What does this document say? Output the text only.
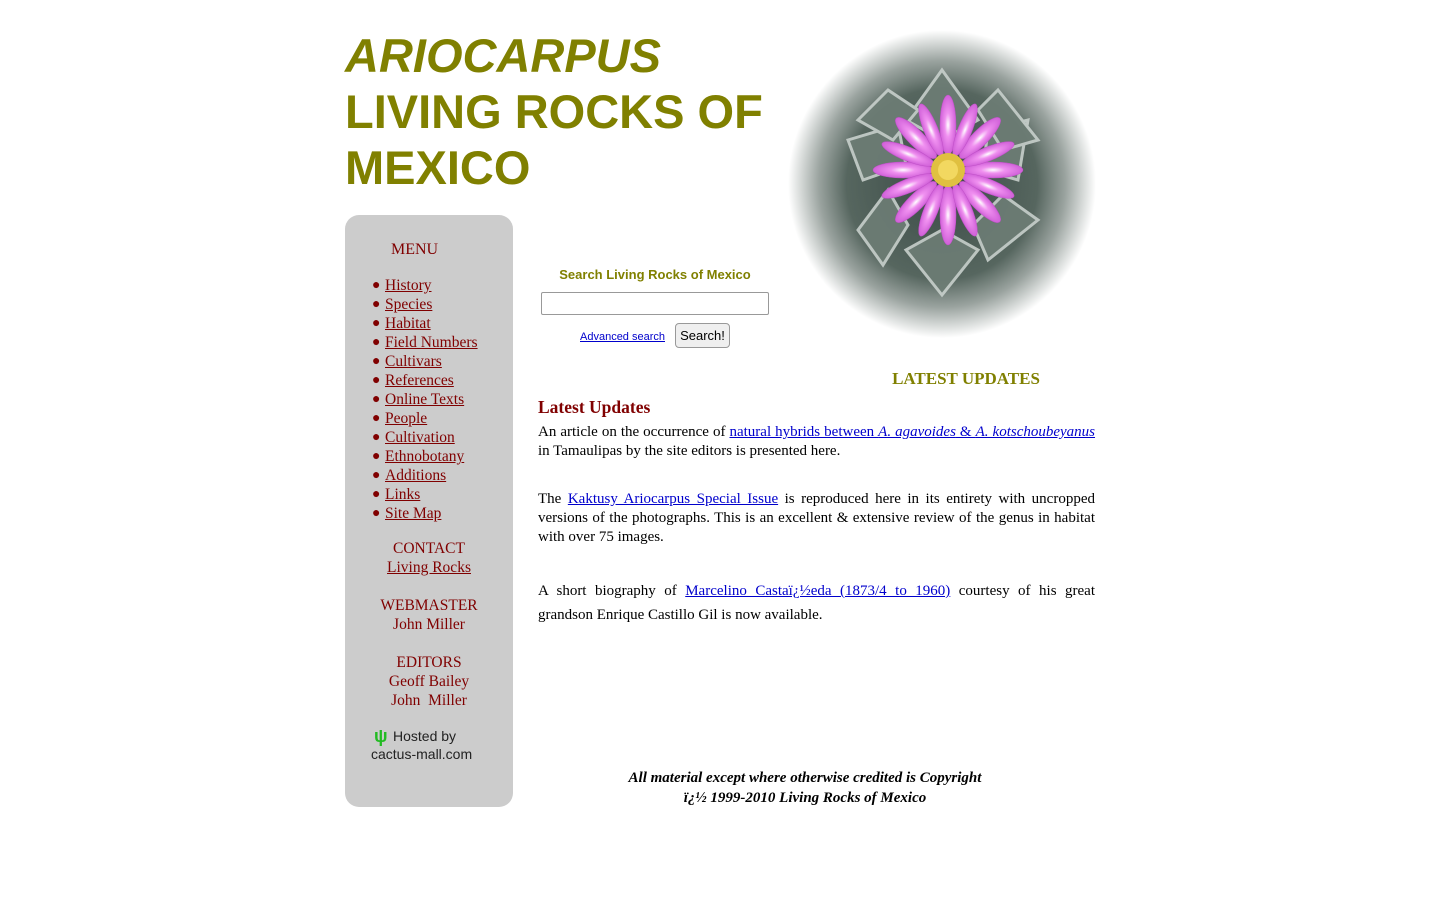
ARIOCARPUS
LIVING ROCKS OF
MEXICO
MENU
● History
● Species
● Habitat
● Field Numbers
● Cultivars
● References
● Online Texts
● People
● Cultivation
● Ethnobotany
● Additions
● Links
● Site Map
CONTACT
Living Rocks
WEBMASTER
John Miller
EDITORS
Geoff Bailey
John  Miller
ψ Hosted by
cactus-mall.com
Search Living Rocks of Mexico
Advanced search	Search!
LATEST UPDATES
Latest Updates
An article on the occurrence of natural hybrids between A. agavoides & A. kotschoubeyanus in Tamaulipas by the site editors is presented here.
The Kaktusy Ariocarpus Special Issue is reproduced here in its entirety with uncropped versions of the photographs. This is an excellent & extensive review of the genus in habitat with over 75 images.
A short biography of Marcelino Castaï¿½eda (1873/4 to 1960) courtesy of his great grandson Enrique Castillo Gil is now available.
All material except where otherwise credited is Copyright
ï¿½ 1999-2010 Living Rocks of Mexico
